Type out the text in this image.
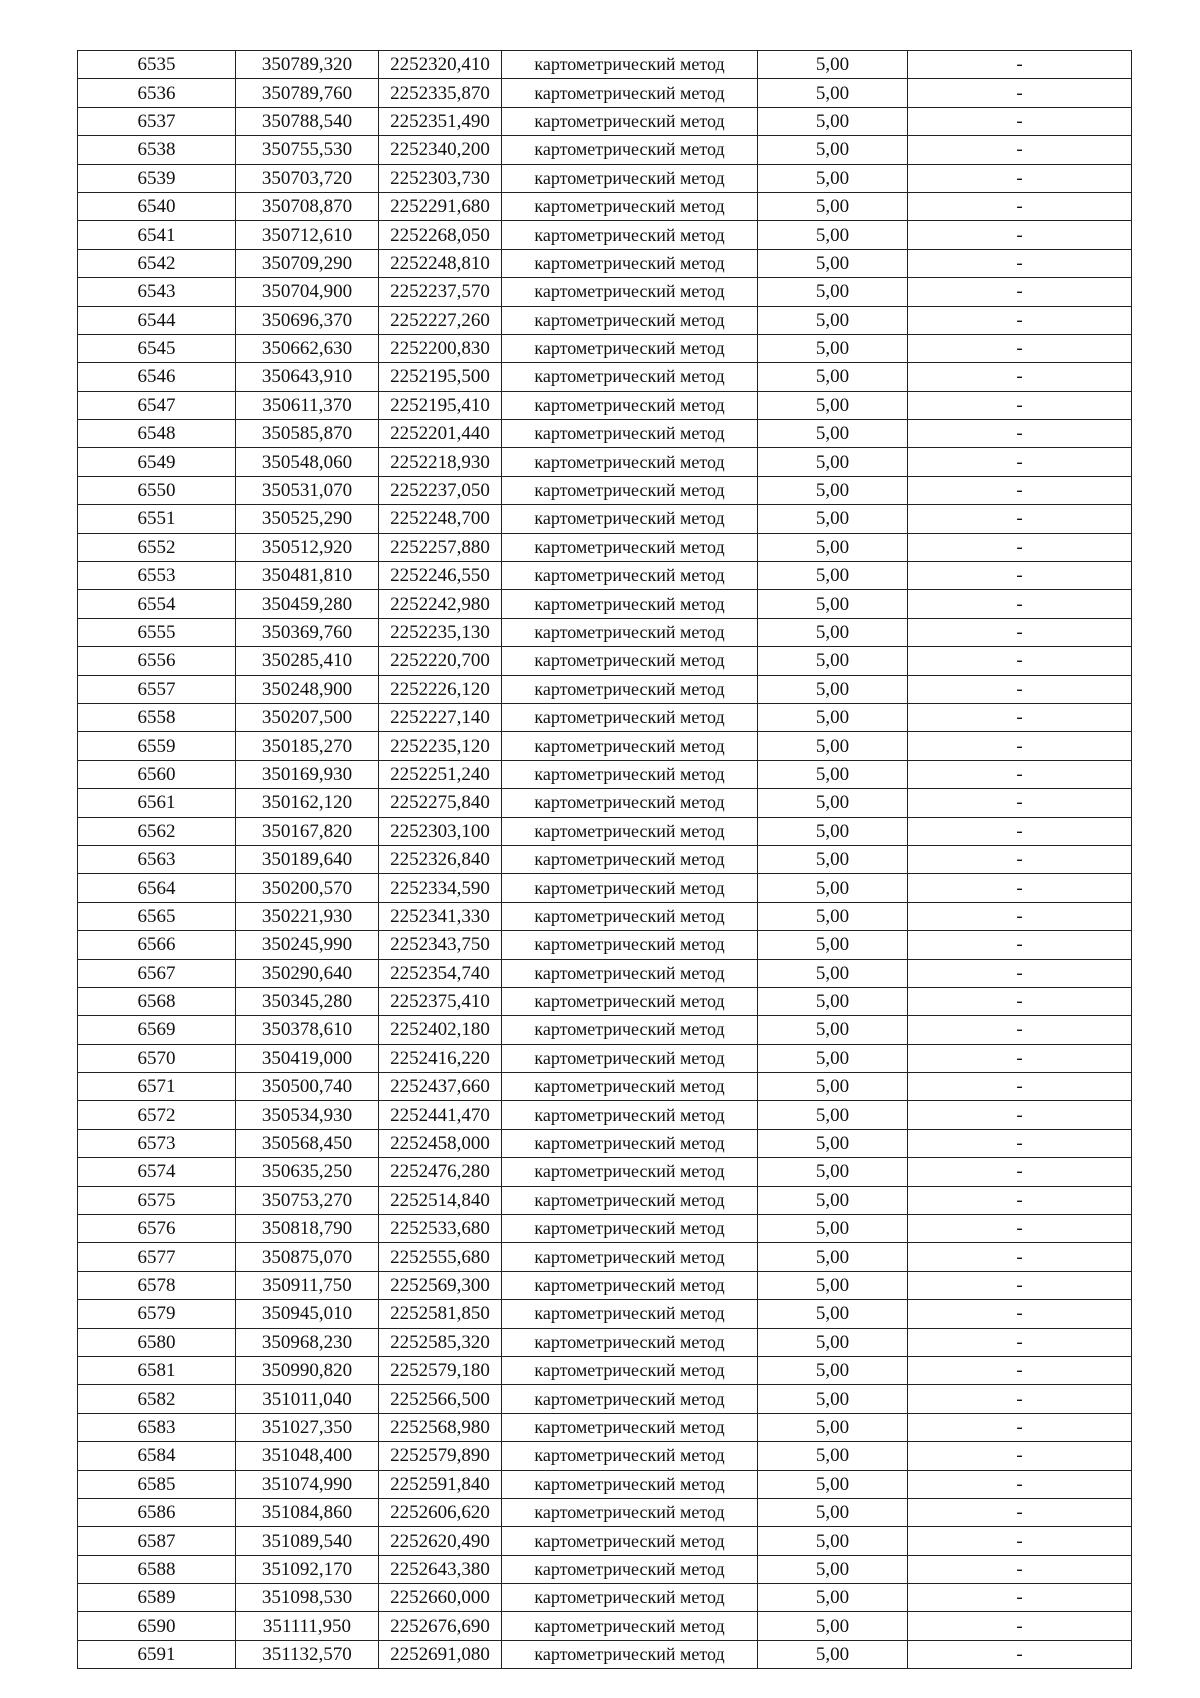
6535	350789,320	2252320,410	картометрический метод	5,00	-
6536	350789,760	2252335,870	картометрический метод	5,00	-
6537	350788,540	2252351,490	картометрический метод	5,00	-
6538	350755,530	2252340,200	картометрический метод	5,00	-
6539	350703,720	2252303,730	картометрический метод	5,00	-
6540	350708,870	2252291,680	картометрический метод	5,00	-
6541	350712,610	2252268,050	картометрический метод	5,00	-
6542	350709,290	2252248,810	картометрический метод	5,00	-
6543	350704,900	2252237,570	картометрический метод	5,00	-
6544	350696,370	2252227,260	картометрический метод	5,00	-
6545	350662,630	2252200,830	картометрический метод	5,00	-
6546	350643,910	2252195,500	картометрический метод	5,00	-
6547	350611,370	2252195,410	картометрический метод	5,00	-
6548	350585,870	2252201,440	картометрический метод	5,00	-
6549	350548,060	2252218,930	картометрический метод	5,00	-
6550	350531,070	2252237,050	картометрический метод	5,00	-
6551	350525,290	2252248,700	картометрический метод	5,00	-
6552	350512,920	2252257,880	картометрический метод	5,00	-
6553	350481,810	2252246,550	картометрический метод	5,00	-
6554	350459,280	2252242,980	картометрический метод	5,00	-
6555	350369,760	2252235,130	картометрический метод	5,00	-
6556	350285,410	2252220,700	картометрический метод	5,00	-
6557	350248,900	2252226,120	картометрический метод	5,00	-
6558	350207,500	2252227,140	картометрический метод	5,00	-
6559	350185,270	2252235,120	картометрический метод	5,00	-
6560	350169,930	2252251,240	картометрический метод	5,00	-
6561	350162,120	2252275,840	картометрический метод	5,00	-
6562	350167,820	2252303,100	картометрический метод	5,00	-
6563	350189,640	2252326,840	картометрический метод	5,00	-
6564	350200,570	2252334,590	картометрический метод	5,00	-
6565	350221,930	2252341,330	картометрический метод	5,00	-
6566	350245,990	2252343,750	картометрический метод	5,00	-
6567	350290,640	2252354,740	картометрический метод	5,00	-
6568	350345,280	2252375,410	картометрический метод	5,00	-
6569	350378,610	2252402,180	картометрический метод	5,00	-
6570	350419,000	2252416,220	картометрический метод	5,00	-
6571	350500,740	2252437,660	картометрический метод	5,00	-
6572	350534,930	2252441,470	картометрический метод	5,00	-
6573	350568,450	2252458,000	картометрический метод	5,00	-
6574	350635,250	2252476,280	картометрический метод	5,00	-
6575	350753,270	2252514,840	картометрический метод	5,00	-
6576	350818,790	2252533,680	картометрический метод	5,00	-
6577	350875,070	2252555,680	картометрический метод	5,00	-
6578	350911,750	2252569,300	картометрический метод	5,00	-
6579	350945,010	2252581,850	картометрический метод	5,00	-
6580	350968,230	2252585,320	картометрический метод	5,00	-
6581	350990,820	2252579,180	картометрический метод	5,00	-
6582	351011,040	2252566,500	картометрический метод	5,00	-
6583	351027,350	2252568,980	картометрический метод	5,00	-
6584	351048,400	2252579,890	картометрический метод	5,00	-
6585	351074,990	2252591,840	картометрический метод	5,00	-
6586	351084,860	2252606,620	картометрический метод	5,00	-
6587	351089,540	2252620,490	картометрический метод	5,00	-
6588	351092,170	2252643,380	картометрический метод	5,00	-
6589	351098,530	2252660,000	картометрический метод	5,00	-
6590	351111,950	2252676,690	картометрический метод	5,00	-
6591	351132,570	2252691,080	картометрический метод	5,00	-
